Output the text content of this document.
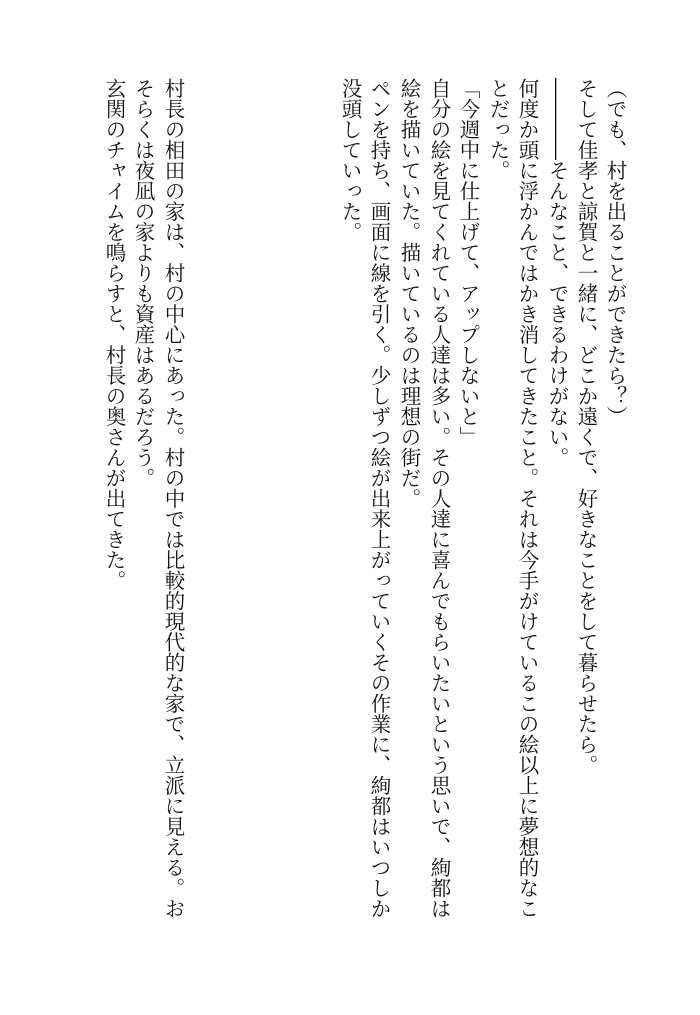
（でも、村を出ることができたら？）
そして佳孝と諒賀と一緒に、どこか遠くで、好きなことをして暮らせたら。
――――そんなこと、できるわけがない。
何度か頭に浮かんではかき消してきたこと。それは今手がけているこの絵以上に夢想的なこ
とだった。
「今週中に仕上げて、アップしないと」
自分の絵を見てくれている人達は多い。その人達に喜んでもらいたいという思いで、絢都は
絵を描いていた。描いているのは理想の街だ。
ペンを持ち、画面に線を引く。少しずつ絵が出来上がっていくその作業に、絢都はいつしか
没頭していった。
村長の相田の家は、村の中心にあった。村の中では比較的現代的な家で、立派に見える。お
そらくは夜凪の家よりも資産はあるだろう。
玄関のチャイムを鳴らすと、村長の奥さんが出てきた。
